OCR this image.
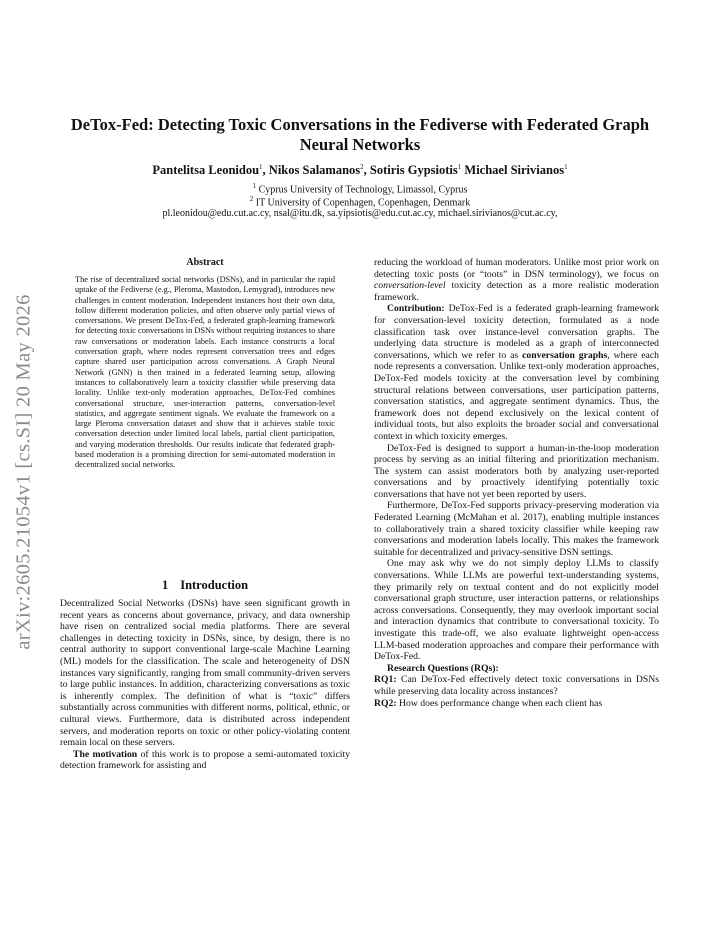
arXiv:2605.21054v1 [cs.SI] 20 May 2026
DeTox-Fed: Detecting Toxic Conversations in the Fediverse with Federated Graph
Neural Networks
Pantelitsa Leonidou$^1$, Nikos Salamanos$^2$, Sotiris Gypsiotis$^1$ Michael Sirivianos$^1$
$^1$ Cyprus University of Technology, Limassol, Cyprus
$^2$ IT University of Copenhagen, Copenhagen, Denmark
pl.leonidou@edu.cut.ac.cy, nsal@itu.dk, sa.yipsiotis@edu.cut.ac.cy, michael.sirivianos@cut.ac.cy,
Abstract

The rise of decentralized social networks (DSNs), and in particular the rapid uptake of the Fediverse (e.g., Pleroma, Mastodon, Lemygrad), introduces new challenges in content moderation. Independent instances host their own data, follow different moderation policies, and often observe only partial views of conversations. We present DeTox-Fed, a federated graph-learning framework for detecting toxic conversations in DSNs without requiring instances to share raw conversations or moderation labels. Each instance constructs a local conversation graph, where nodes represent conversation trees and edges capture shared user participation across conversations. A Graph Neural Network (GNN) is then trained in a federated learning setup, allowing instances to collaboratively learn a toxicity classifier while preserving data locality. Unlike text-only moderation approaches, DeTox-Fed combines conversational structure, user-interaction patterns, conversation-level statistics, and aggregate sentiment signals. We evaluate the framework on a large Pleroma conversation dataset and show that it achieves stable toxic conversation detection under limited local labels, partial client participation, and varying moderation thresholds. Our results indicate that federated graph-based moderation is a promising direction for semi-automated moderation in decentralized social networks.

1 Introduction

Decentralized Social Networks (DSNs) have seen significant growth in recent years as concerns about governance, privacy, and data ownership have risen on centralized social media platforms. There are several challenges in detecting toxicity in DSNs, since, by design, there is no central authority to support conventional large-scale Machine Learning (ML) models for the classification. The scale and heterogeneity of DSN instances vary significantly, ranging from small community-driven servers to large public instances. In addition, characterizing conversations as toxic is inherently complex. The definition of what is “toxic” differs substantially across communities with different norms, political, ethnic, or cultural views. Furthermore, data is distributed across independent servers, and moderation reports on toxic or other policy-violating content remain local on these servers.

The motivation of this work is to propose a semi-automated toxicity detection framework for assisting and

reducing the workload of human moderators. Unlike most prior work on detecting toxic posts (or “toots” in DSN terminology), we focus on conversation-level toxicity detection as a more realistic moderation framework.

Contribution: DeTox-Fed is a federated graph-learning framework for conversation-level toxicity detection, formulated as a node classification task over instance-level conversation graphs. The underlying data structure is modeled as a graph of interconnected conversations, which we refer to as conversation graphs, where each node represents a conversation. Unlike text-only moderation approaches, DeTox-Fed models toxicity at the conversation level by combining structural relations between conversations, user participation patterns, conversation statistics, and aggregate sentiment dynamics. Thus, the framework does not depend exclusively on the lexical content of individual toots, but also exploits the broader social and conversational context in which toxicity emerges.

DeTox-Fed is designed to support a human-in-the-loop moderation process by serving as an initial filtering and prioritization mechanism. The system can assist moderators both by analyzing user-reported conversations and by proactively identifying potentially toxic conversations that have not yet been reported by users.

Furthermore, DeTox-Fed supports privacy-preserving moderation via Federated Learning (McMahan et al. 2017), enabling multiple instances to collaboratively train a shared toxicity classifier while keeping raw conversations and moderation labels locally. This makes the framework suitable for decentralized and privacy-sensitive DSN settings.

One may ask why we do not simply deploy LLMs to classify conversations. While LLMs are powerful text-understanding systems, they primarily rely on textual content and do not explicitly model conversational graph structure, user interaction patterns, or relationships across conversations. Consequently, they may overlook important social and interaction dynamics that contribute to conversational toxicity. To investigate this trade-off, we also evaluate lightweight open-access LLM-based moderation approaches and compare their performance with DeTox-Fed.

Research Questions (RQs):

RQ1: Can DeTox-Fed effectively detect toxic conversations in DSNs while preserving data locality across instances?

RQ2: How does performance change when each client has
